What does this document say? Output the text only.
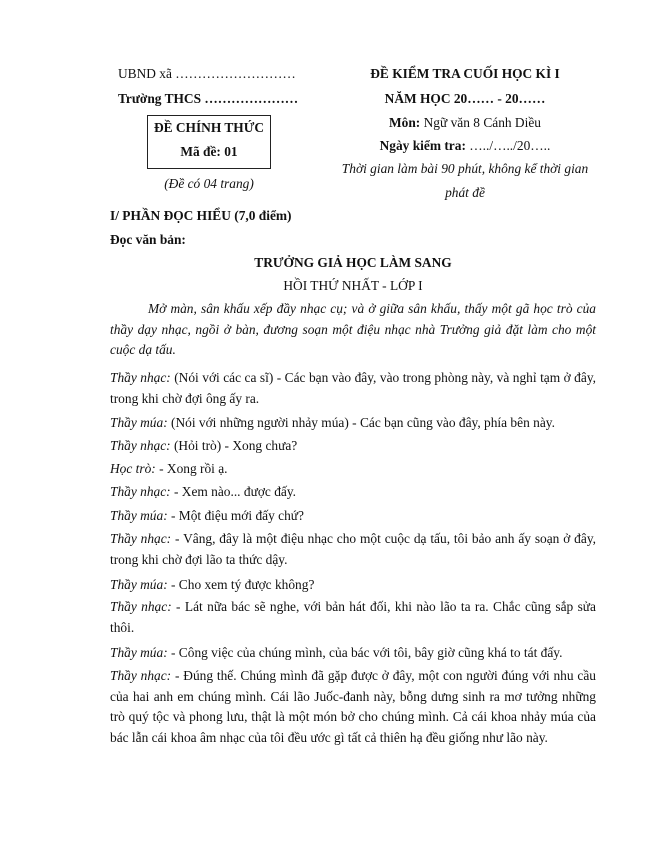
UBND xã ………………………
Trường THCS …………………
ĐỀ CHÍNH THỨC
Mã đề: 01
(Đề có 04 trang)
ĐỀ KIỂM TRA CUỐI HỌC KÌ I
NĂM HỌC 20…… - 20……
Môn: Ngữ văn 8 Cánh Diều
Ngày kiểm tra: …../…../20…..
Thời gian làm bài 90 phút, không kể thời gian
phát đề
I/ PHẦN ĐỌC HIỂU (7,0 điểm)
Đọc văn bản:
TRƯỞNG GIẢ HỌC LÀM SANG
HỒI THỨ NHẤT - LỚP I
Mở màn, sân khấu xếp đầy nhạc cụ; và ở giữa sân khấu, thấy một gã học trò của thầy dạy nhạc, ngồi ở bàn, đương soạn một điệu nhạc nhà Trưởng giả đặt làm cho một cuộc dạ tấu.
Thầy nhạc: (Nói với các ca sĩ) - Các bạn vào đây, vào trong phòng này, và nghỉ tạm ở đây, trong khi chờ đợi ông ấy ra.
Thầy múa: (Nói với những người nhảy múa) - Các bạn cũng vào đây, phía bên này.
Thầy nhạc: (Hỏi trò) - Xong chưa?
Học trò: - Xong rồi ạ.
Thầy nhạc: - Xem nào... được đấy.
Thầy múa: - Một điệu mới đấy chứ?
Thầy nhạc: - Vâng, đây là một điệu nhạc cho một cuộc dạ tấu, tôi bảo anh ấy soạn ở đây, trong khi chờ đợi lão ta thức dậy.
Thầy múa: - Cho xem tý được không?
Thầy nhạc: - Lát nữa bác sẽ nghe, với bản hát đối, khi nào lão ta ra. Chắc cũng sắp sửa thôi.
Thầy múa: - Công việc của chúng mình, của bác với tôi, bây giờ cũng khá to tát đấy.
Thầy nhạc: - Đúng thế. Chúng mình đã gặp được ở đây, một con người đúng với nhu cầu của hai anh em chúng mình. Cái lão Juốc-đanh này, bỗng dưng sinh ra mơ tưởng những trò quý tộc và phong lưu, thật là một món bở cho chúng mình. Cả cái khoa nhảy múa của bác lẫn cái khoa âm nhạc của tôi đều ước gì tất cả thiên hạ đều giống như lão này.
